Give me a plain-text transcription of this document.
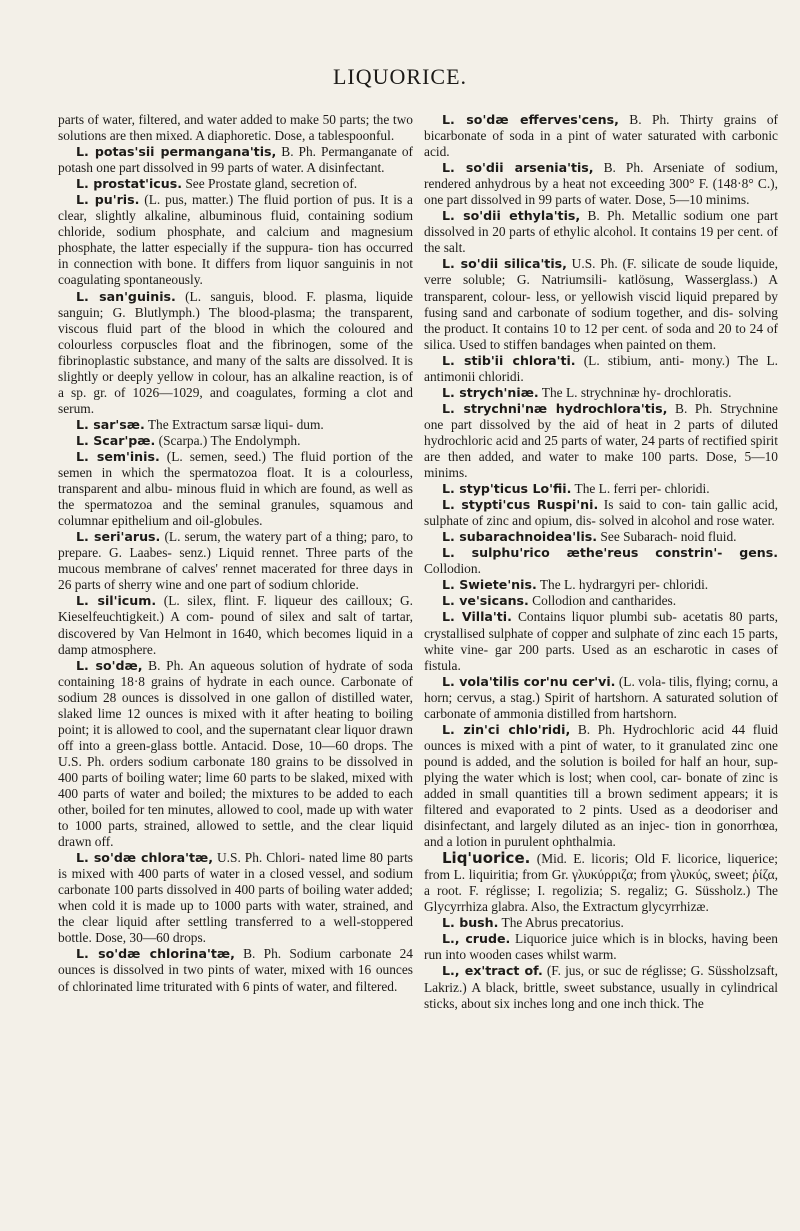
LIQUORICE.

parts of water, filtered, and water added to make 50 parts; the two solutions are then mixed. A diaphoretic. Dose, a tablespoonful.

L. potas'sii permangana'tis, B. Ph. Permanganate of potash one part dissolved in 99 parts of water. A disinfectant.

L. prostat'icus. See Prostate gland, secretion of.

L. pu'ris. (L. pus, matter.) The fluid portion of pus. It is a clear, slightly alkaline, albuminous fluid, containing sodium chloride, sodium phosphate, and calcium and magnesium phosphate, the latter especially if the suppura- tion has occurred in connection with bone. It differs from liquor sanguinis in not coagulating spontaneously.

L. san'guinis. (L. sanguis, blood. F. plasma, liquide sanguin; G. Blutlymph.) The blood-plasma; the transparent, viscous fluid part of the blood in which the coloured and colourless corpuscles float and the fibrinogen, some of the fibrinoplastic substance, and many of the salts are dissolved. It is slightly or deeply yellow in colour, has an alkaline reaction, is of a sp. gr. of 1026—1029, and coagulates, forming a clot and serum.

L. sar'sæ. The Extractum sarsæ liqui- dum.

L. Scar'pæ. (Scarpa.) The Endolymph.

L. sem'inis. (L. semen, seed.) The fluid portion of the semen in which the spermatozoa float. It is a colourless, transparent and albu- minous fluid in which are found, as well as the spermatozoa and the seminal granules, squamous and columnar epithelium and oil-globules.

L. seri'arus. (L. serum, the watery part of a thing; paro, to prepare. G. Laabes- senz.) Liquid rennet. Three parts of the mucous membrane of calves' rennet macerated for three days in 26 parts of sherry wine and one part of sodium chloride.

L. sil'icum. (L. silex, flint. F. liqueur des cailloux; G. Kieselfeuchtigkeit.) A com- pound of silex and salt of tartar, discovered by Van Helmont in 1640, which becomes liquid in a damp atmosphere.

L. so'dæ, B. Ph. An aqueous solution of hydrate of soda containing 18·8 grains of hydrate in each ounce. Carbonate of sodium 28 ounces is dissolved in one gallon of distilled water, slaked lime 12 ounces is mixed with it after heating to boiling point; it is allowed to cool, and the supernatant clear liquor drawn off into a green-glass bottle. Antacid. Dose, 10—60 drops. The U.S. Ph. orders sodium carbonate 180 grains to be dissolved in 400 parts of boiling water; lime 60 parts to be slaked, mixed with 400 parts of water and boiled; the mixtures to be added to each other, boiled for ten minutes, allowed to cool, made up with water to 1000 parts, strained, allowed to settle, and the clear liquid drawn off.

L. so'dæ chlora'tæ, U.S. Ph. Chlori- nated lime 80 parts is mixed with 400 parts of water in a closed vessel, and sodium carbonate 100 parts dissolved in 400 parts of boiling water added; when cold it is made up to 1000 parts with water, strained, and the clear liquid after settling transferred to a well-stoppered bottle. Dose, 30—60 drops.

L. so'dæ chlorina'tæ, B. Ph. Sodium carbonate 24 ounces is dissolved in two pints of water, mixed with 16 ounces of chlorinated lime triturated with 6 pints of water, and filtered.

L. so'dæ efferves'cens, B. Ph. Thirty grains of bicarbonate of soda in a pint of water saturated with carbonic acid.

L. so'dii arsenia'tis, B. Ph. Arseniate of sodium, rendered anhydrous by a heat not exceeding 300° F. (148·8° C.), one part dissolved in 99 parts of water. Dose, 5—10 minims.

L. so'dii ethyla'tis, B. Ph. Metallic sodium one part dissolved in 20 parts of ethylic alcohol. It contains 19 per cent. of the salt.

L. so'dii silica'tis, U.S. Ph. (F. silicate de soude liquide, verre soluble; G. Natriumsili- katlösung, Wasserglass.) A transparent, colour- less, or yellowish viscid liquid prepared by fusing sand and carbonate of sodium together, and dis- solving the product. It contains 10 to 12 per cent. of soda and 20 to 24 of silica. Used to stiffen bandages when painted on them.

L. stib'ii chlora'ti. (L. stibium, anti- mony.) The L. antimonii chloridi.

L. strych'niæ. The L. strychninæ hy- drochloratis.

L. strychni'næ hydrochlora'tis, B. Ph. Strychnine one part dissolved by the aid of heat in 2 parts of diluted hydrochloric acid and 25 parts of water, 24 parts of rectified spirit are then added, and water to make 100 parts. Dose, 5—10 minims.

L. styp'ticus Lo'fii. The L. ferri per- chloridi.

L. stypti'cus Ruspi'ni. Is said to con- tain gallic acid, sulphate of zinc and opium, dis- solved in alcohol and rose water.

L. subarachnoidea'lis. See Subarach- noid fluid.

L. sulphu'rico æthe'reus constrin'- gens. Collodion.

L. Swiete'nis. The L. hydrargyri per- chloridi.

L. ve'sicans. Collodion and cantharides.

L. Villa'ti. Contains liquor plumbi sub- acetatis 80 parts, crystallised sulphate of copper and sulphate of zinc each 15 parts, white vine- gar 200 parts. Used as an escharotic in cases of fistula.

L. vola'tilis cor'nu cer'vi. (L. vola- tilis, flying; cornu, a horn; cervus, a stag.) Spirit of hartshorn. A saturated solution of carbonate of ammonia distilled from hartshorn.

L. zin'ci chlo'ridi, B. Ph. Hydrochloric acid 44 fluid ounces is mixed with a pint of water, to it granulated zinc one pound is added, and the solution is boiled for half an hour, sup- plying the water which is lost; when cool, car- bonate of zinc is added in small quantities till a brown sediment appears; it is filtered and evaporated to 2 pints. Used as a deodoriser and disinfectant, and largely diluted as an injec- tion in gonorrhœa, and a lotion in purulent ophthalmia.

Liq'uorice. (Mid. E. licoris; Old F. licorice, liquerice; from L. liquiritia; from Gr. γλυκύρριζα; from γλυκύς, sweet; ῥίζα, a root. F. réglisse; I. regolizia; S. regaliz; G. Süssholz.) The Glycyrrhiza glabra. Also, the Extractum glycyrrhizæ.

L. bush. The Abrus precatorius.

L., crude. Liquorice juice which is in blocks, having been run into wooden cases whilst warm.

L., ex'tract of. (F. jus, or suc de réglisse; G. Süssholzsaft, Lakriz.) A black, brittle, sweet substance, usually in cylindrical sticks, about six inches long and one inch thick. The
